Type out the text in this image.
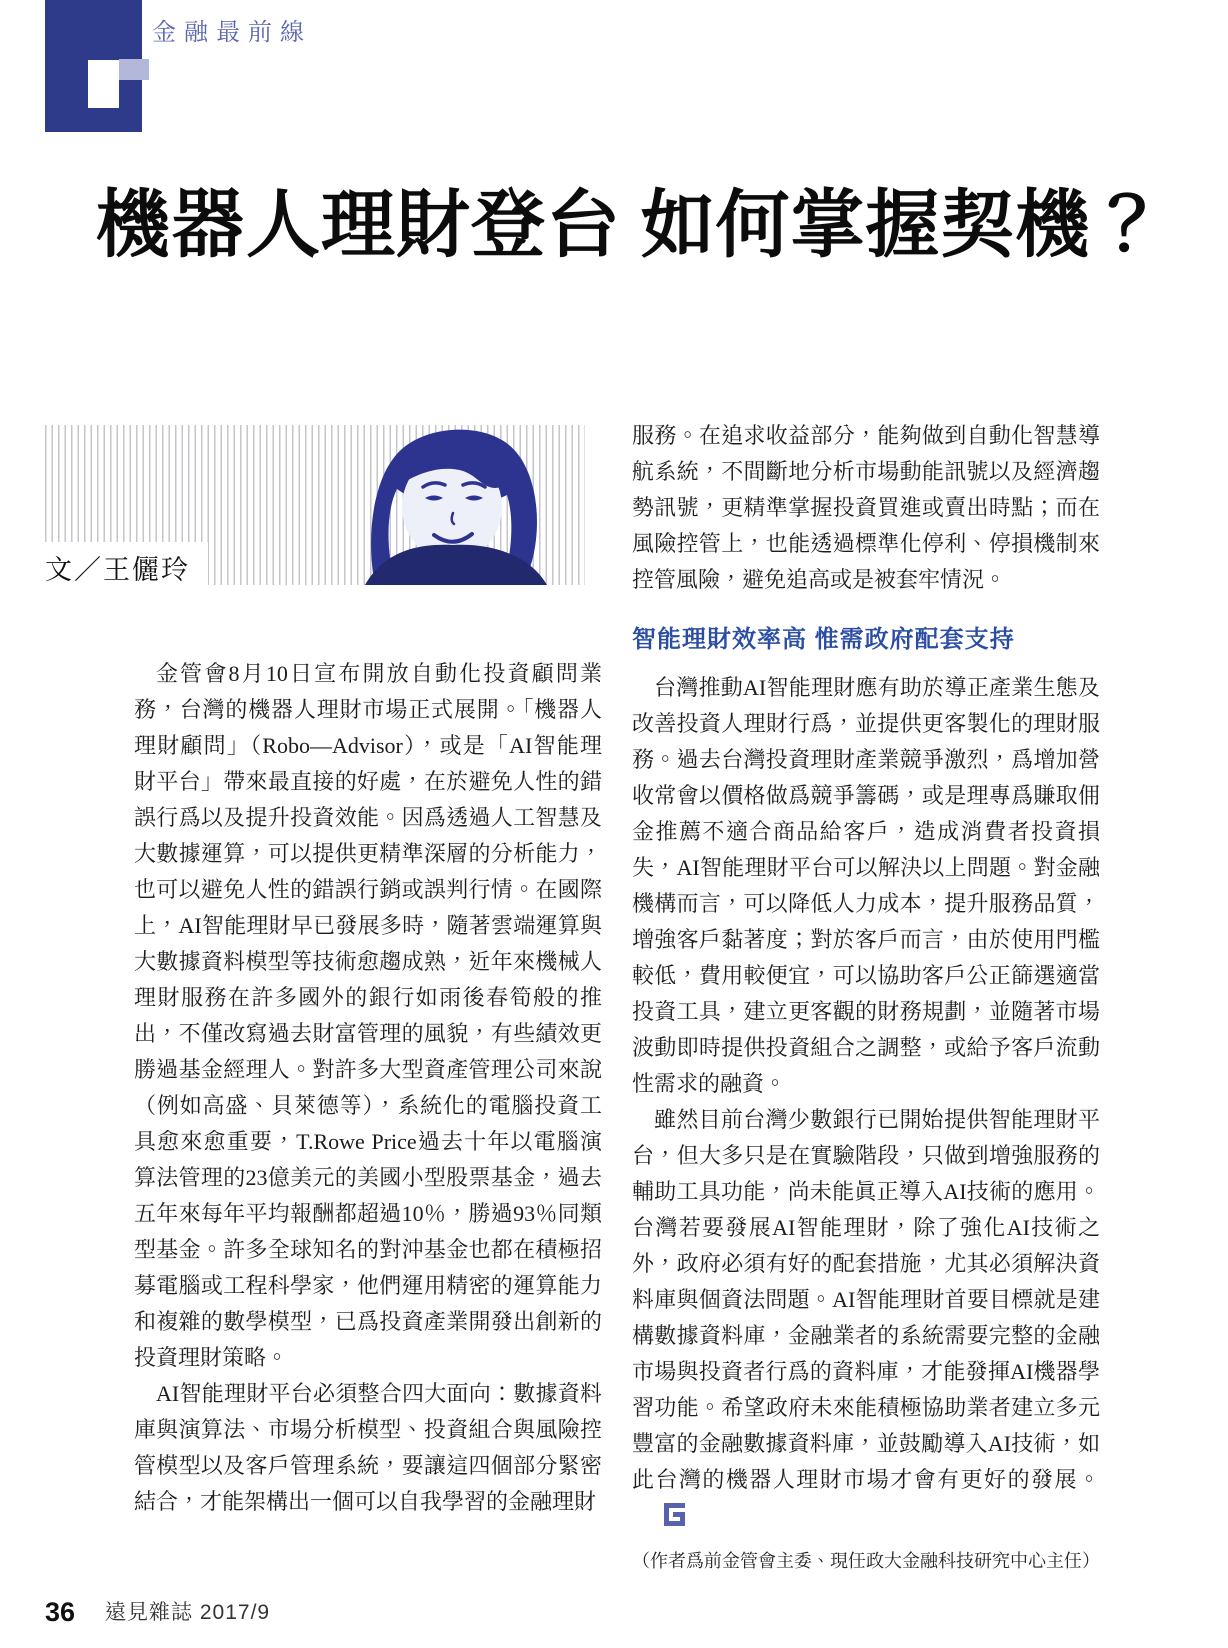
金融最前線
機器人理財登台 如何掌握契機？
文／王儷玲

金管會8月10日宣布開放自動化投資顧問業務，台灣的機器人理財市場正式展開。「機器人理財顧問」（Robo—Advisor），或是「AI智能理財平台」帶來最直接的好處，在於避免人性的錯誤行爲以及提升投資效能。因爲透過人工智慧及大數據運算，可以提供更精準深層的分析能力，也可以避免人性的錯誤行銷或誤判行情。在國際上，AI智能理財早已發展多時，隨著雲端運算與大數據資料模型等技術愈趨成熟，近年來機械人理財服務在許多國外的銀行如雨後春筍般的推出，不僅改寫過去財富管理的風貌，有些績效更勝過基金經理人。對許多大型資產管理公司來說（例如高盛、貝萊德等），系統化的電腦投資工具愈來愈重要，T.Rowe Price過去十年以電腦演算法管理的23億美元的美國小型股票基金，過去五年來每年平均報酬都超過10％，勝過93％同類型基金。許多全球知名的對沖基金也都在積極招募電腦或工程科學家，他們運用精密的運算能力和複雜的數學模型，已爲投資產業開發出創新的投資理財策略。

AI智能理財平台必須整合四大面向：數據資料庫與演算法、市場分析模型、投資組合與風險控管模型以及客戶管理系統，要讓這四個部分緊密結合，才能架構出一個可以自我學習的金融理財

服務。在追求收益部分，能夠做到自動化智慧導航系統，不間斷地分析市場動能訊號以及經濟趨勢訊號，更精準掌握投資買進或賣出時點；而在風險控管上，也能透過標準化停利、停損機制來控管風險，避免追高或是被套牢情況。

智能理財效率高 惟需政府配套支持

台灣推動AI智能理財應有助於導正產業生態及改善投資人理財行爲，並提供更客製化的理財服務。過去台灣投資理財產業競爭激烈，爲增加營收常會以價格做爲競爭籌碼，或是理專爲賺取佣金推薦不適合商品給客戶，造成消費者投資損失，AI智能理財平台可以解決以上問題。對金融機構而言，可以降低人力成本，提升服務品質，增強客戶黏著度；對於客戶而言，由於使用門檻較低，費用較便宜，可以協助客戶公正篩選適當投資工具，建立更客觀的財務規劃，並隨著市場波動即時提供投資組合之調整，或給予客戶流動性需求的融資。

雖然目前台灣少數銀行已開始提供智能理財平台，但大多只是在實驗階段，只做到增強服務的輔助工具功能，尚未能眞正導入AI技術的應用。台灣若要發展AI智能理財，除了強化AI技術之外，政府必須有好的配套措施，尤其必須解決資料庫與個資法問題。AI智能理財首要目標就是建構數據資料庫，金融業者的系統需要完整的金融市場與投資者行爲的資料庫，才能發揮AI機器學習功能。希望政府未來能積極協助業者建立多元豐富的金融數據資料庫，並鼓勵導入AI技術，如此台灣的機器人理財市場才會有更好的發展。

（作者爲前金管會主委、現任政大金融科技研究中心主任）

36 遠見雜誌 2017/9
